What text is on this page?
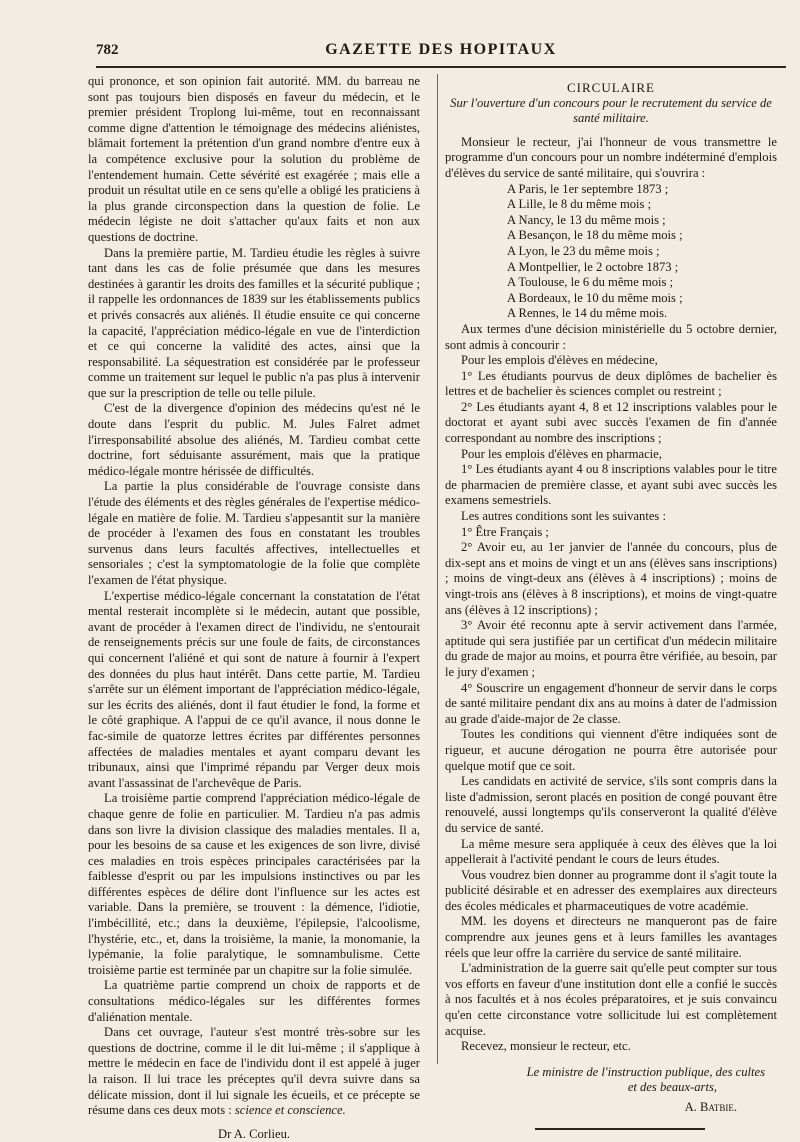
782	GAZETTE DES HOPITAUX

qui prononce, et son opinion fait autorité. MM. du barreau ne sont pas toujours bien disposés en faveur du médecin, et le premier président Troplong lui-même, tout en reconnaissant comme digne d'attention le témoignage des médecins aliénistes, blâmait fortement la prétention d'un grand nombre d'entre eux à la compétence exclusive pour la solution du problème de l'entendement humain. Cette sévérité est exagérée ; mais elle a produit un résultat utile en ce sens qu'elle a obligé les praticiens à la plus grande circonspection dans la question de folie. Le médecin légiste ne doit s'attacher qu'aux faits et non aux questions de doctrine.

Dans la première partie, M. Tardieu étudie les règles à suivre tant dans les cas de folie présumée que dans les mesures destinées à garantir les droits des familles et la sécurité publique ; il rappelle les ordonnances de 1839 sur les établissements publics et privés consacrés aux aliénés. Il étudie ensuite ce qui concerne la capacité, l'appréciation médico-légale en vue de l'interdiction et ce qui concerne la validité des actes, ainsi que la responsabilité. La séquestration est considérée par le professeur comme un traitement sur lequel le public n'a pas plus à intervenir que sur la prescription de telle ou telle pilule.

C'est de la divergence d'opinion des médecins qu'est né le doute dans l'esprit du public. M. Jules Falret admet l'irresponsabilité absolue des aliénés, M. Tardieu combat cette doctrine, fort séduisante assurément, mais que la pratique médico-légale montre hérissée de difficultés.

La partie la plus considérable de l'ouvrage consiste dans l'étude des éléments et des règles générales de l'expertise médico-légale en matière de folie. M. Tardieu s'appesantit sur la manière de procéder à l'examen des fous en constatant les troubles survenus dans leurs facultés affectives, intellectuelles et sensoriales ; c'est la symptomatologie de la folie que complète l'examen de l'état physique.

L'expertise médico-légale concernant la constatation de l'état mental resterait incomplète si le médecin, autant que possible, avant de procéder à l'examen direct de l'individu, ne s'entourait de renseignements précis sur une foule de faits, de circonstances qui concernent l'aliéné et qui sont de nature à fournir à l'expert des données du plus haut intérêt. Dans cette partie, M. Tardieu s'arrête sur un élément important de l'appréciation médico-légale, sur les écrits des aliénés, dont il faut étudier le fond, la forme et le côté graphique. A l'appui de ce qu'il avance, il nous donne le fac-simile de quatorze lettres écrites par différentes personnes affectées de maladies mentales et ayant comparu devant les tribunaux, ainsi que l'imprimé répandu par Verger deux mois avant l'assassinat de l'archevêque de Paris.

La troisième partie comprend l'appréciation médico-légale de chaque genre de folie en particulier. M. Tardieu n'a pas admis dans son livre la division classique des maladies mentales. Il a, pour les besoins de sa cause et les exigences de son livre, divisé ces maladies en trois espèces principales caractérisées par la faiblesse d'esprit ou par les impulsions instinctives ou par les différentes espèces de délire dont l'influence sur les actes est variable. Dans la première, se trouvent : la démence, l'idiotie, l'imbécillité, etc.; dans la deuxième, l'épilepsie, l'alcoolisme, l'hystérie, etc., et, dans la troisième, la manie, la monomanie, la lypémanie, la folie paralytique, le somnambulisme. Cette troisième partie est terminée par un chapitre sur la folie simulée.

La quatrième partie comprend un choix de rapports et de consultations médico-légales sur les différentes formes d'aliénation mentale.

Dans cet ouvrage, l'auteur s'est montré très-sobre sur les questions de doctrine, comme il le dit lui-même ; il s'applique à mettre le médecin en face de l'individu dont il est appelé à juger la raison. Il lui trace les préceptes qu'il devra suivre dans sa délicate mission, dont il lui signale les écueils, et ce précepte se résume dans ces deux mots : science et conscience.

Dr A. Corlieu.

CIRCULAIRE

Sur l'ouverture d'un concours pour le recrutement du service de santé militaire.

Monsieur le recteur, j'ai l'honneur de vous transmettre le programme d'un concours pour un nombre indéterminé d'emplois d'élèves du service de santé militaire, qui s'ouvrira :

A Paris, le 1er septembre 1873 ;

A Lille, le 8 du même mois ;

A Nancy, le 13 du même mois ;

A Besançon, le 18 du même mois ;

A Lyon, le 23 du même mois ;

A Montpellier, le 2 octobre 1873 ;

A Toulouse, le 6 du même mois ;

A Bordeaux, le 10 du même mois ;

A Rennes, le 14 du même mois.

Aux termes d'une décision ministérielle du 5 octobre dernier, sont admis à concourir :

Pour les emplois d'élèves en médecine,

1° Les étudiants pourvus de deux diplômes de bachelier ès lettres et de bachelier ès sciences complet ou restreint ;

2° Les étudiants ayant 4, 8 et 12 inscriptions valables pour le doctorat et ayant subi avec succès l'examen de fin d'année correspondant au nombre des inscriptions ;

Pour les emplois d'élèves en pharmacie,

1° Les étudiants ayant 4 ou 8 inscriptions valables pour le titre de pharmacien de première classe, et ayant subi avec succès les examens semestriels.

Les autres conditions sont les suivantes :

1° Être Français ;

2° Avoir eu, au 1er janvier de l'année du concours, plus de dix-sept ans et moins de vingt et un ans (élèves sans inscriptions) ; moins de vingt-deux ans (élèves à 4 inscriptions) ; moins de vingt-trois ans (élèves à 8 inscriptions), et moins de vingt-quatre ans (élèves à 12 inscriptions) ;

3° Avoir été reconnu apte à servir activement dans l'armée, aptitude qui sera justifiée par un certificat d'un médecin militaire du grade de major au moins, et pourra être vérifiée, au besoin, par le jury d'examen ;

4° Souscrire un engagement d'honneur de servir dans le corps de santé militaire pendant dix ans au moins à dater de l'admission au grade d'aide-major de 2e classe.

Toutes les conditions qui viennent d'être indiquées sont de rigueur, et aucune dérogation ne pourra être autorisée pour quelque motif que ce soit.

Les candidats en activité de service, s'ils sont compris dans la liste d'admission, seront placés en position de congé pouvant être renouvelé, aussi longtemps qu'ils conserveront la qualité d'élève du service de santé.

La même mesure sera appliquée à ceux des élèves que la loi appellerait à l'activité pendant le cours de leurs études.

Vous voudrez bien donner au programme dont il s'agit toute la publicité désirable et en adresser des exemplaires aux directeurs des écoles médicales et pharmaceutiques de votre académie.

MM. les doyens et directeurs ne manqueront pas de faire comprendre aux jeunes gens et à leurs familles les avantages réels que leur offre la carrière du service de santé militaire.

L'administration de la guerre sait qu'elle peut compter sur tous vos efforts en faveur d'une institution dont elle a confié le succès à nos facultés et à nos écoles préparatoires, et je suis convaincu qu'en cette circonstance votre sollicitude lui est complètement acquise.

Recevez, monsieur le recteur, etc.

Le ministre de l'instruction publique, des cultes

et des beaux-arts,

A. Batbie.
